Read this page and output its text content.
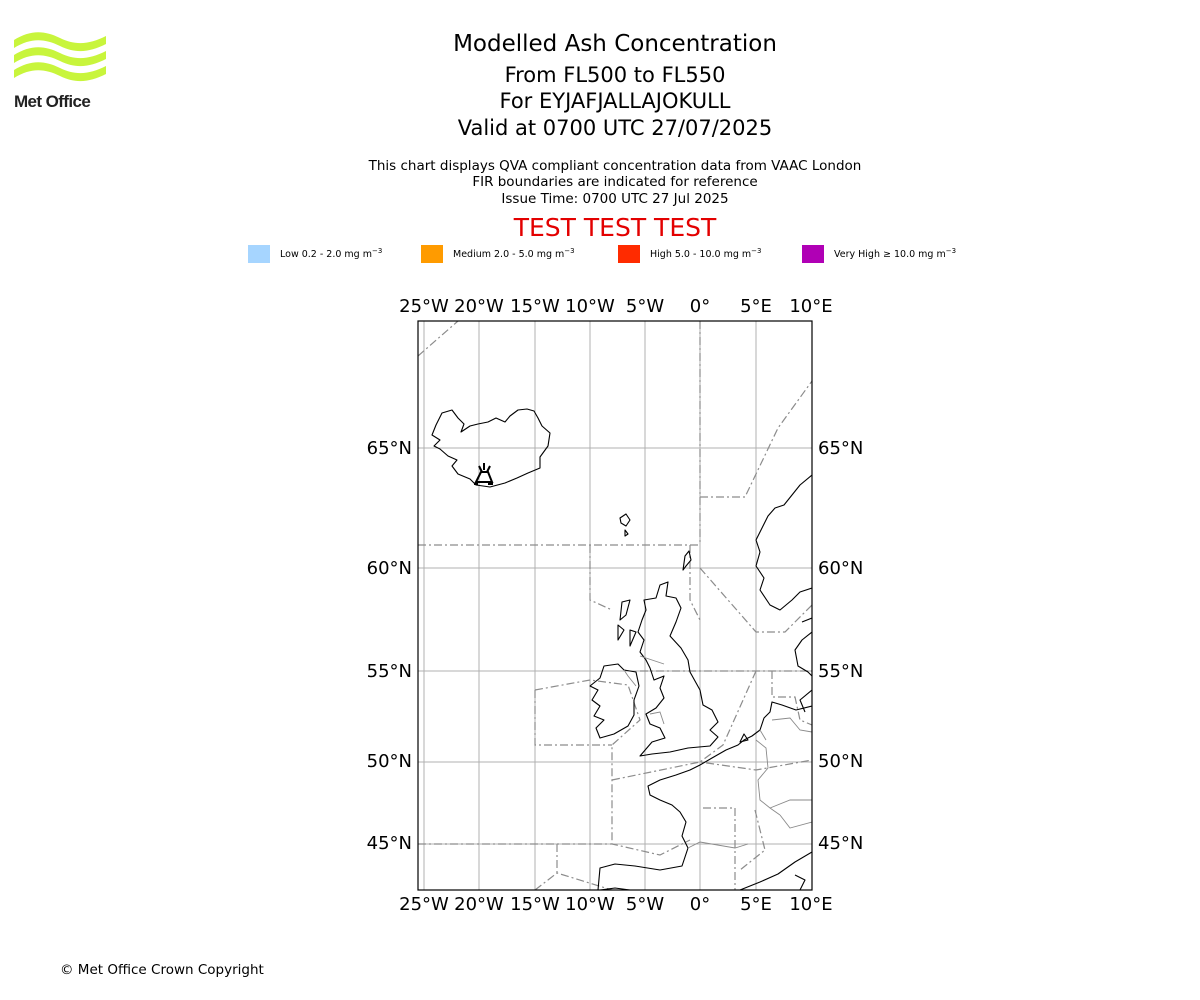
Met Office
Modelled Ash Concentration
From FL500 to FL550
For EYJAFJALLAJOKULL
Valid at 0700 UTC 27/07/2025
This chart displays QVA compliant concentration data from VAAC London
FIR boundaries are indicated for reference
Issue Time: 0700 UTC 27 Jul 2025
TEST TEST TEST
Low 0.2 - 2.0 mg $m^{-3}$	Medium 2.0 - 5.0 mg $m^{-3}$	High 5.0 - 10.0 mg $m^{-3}$	Very High ≥ 10.0 mg $m^{-3}$
25°W 20°W 15°W 10°W 5°W 0° 5°E 10°E
25°W 20°W 15°W 10°W 5°W 0° 5°E 10°E
65°N
60°N
55°N
50°N
45°N
65°N
60°N
55°N
50°N
45°N
© Met Office Crown Copyright
